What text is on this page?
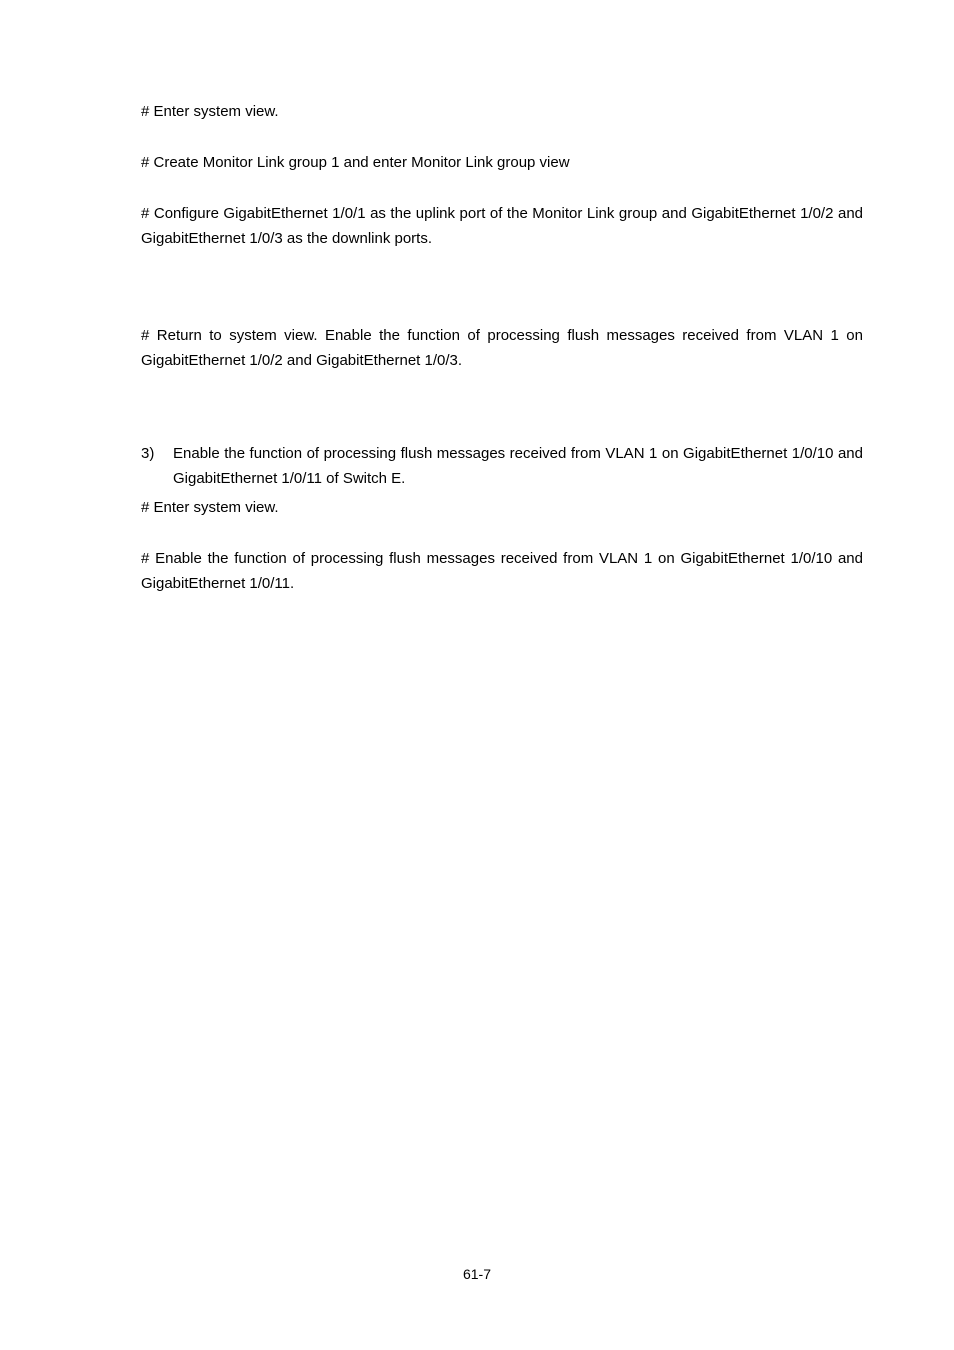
# Enter system view.

# Create Monitor Link group 1 and enter Monitor Link group view

# Configure GigabitEthernet 1/0/1 as the uplink port of the Monitor Link group and GigabitEthernet 1/0/2 and GigabitEthernet 1/0/3 as the downlink ports.

# Return to system view. Enable the function of processing flush messages received from VLAN 1 on GigabitEthernet 1/0/2 and GigabitEthernet 1/0/3.

3) Enable the function of processing flush messages received from VLAN 1 on GigabitEthernet 1/0/10 and GigabitEthernet 1/0/11 of Switch E.

# Enter system view.

# Enable the function of processing flush messages received from VLAN 1 on GigabitEthernet 1/0/10 and GigabitEthernet 1/0/11.

61-7
